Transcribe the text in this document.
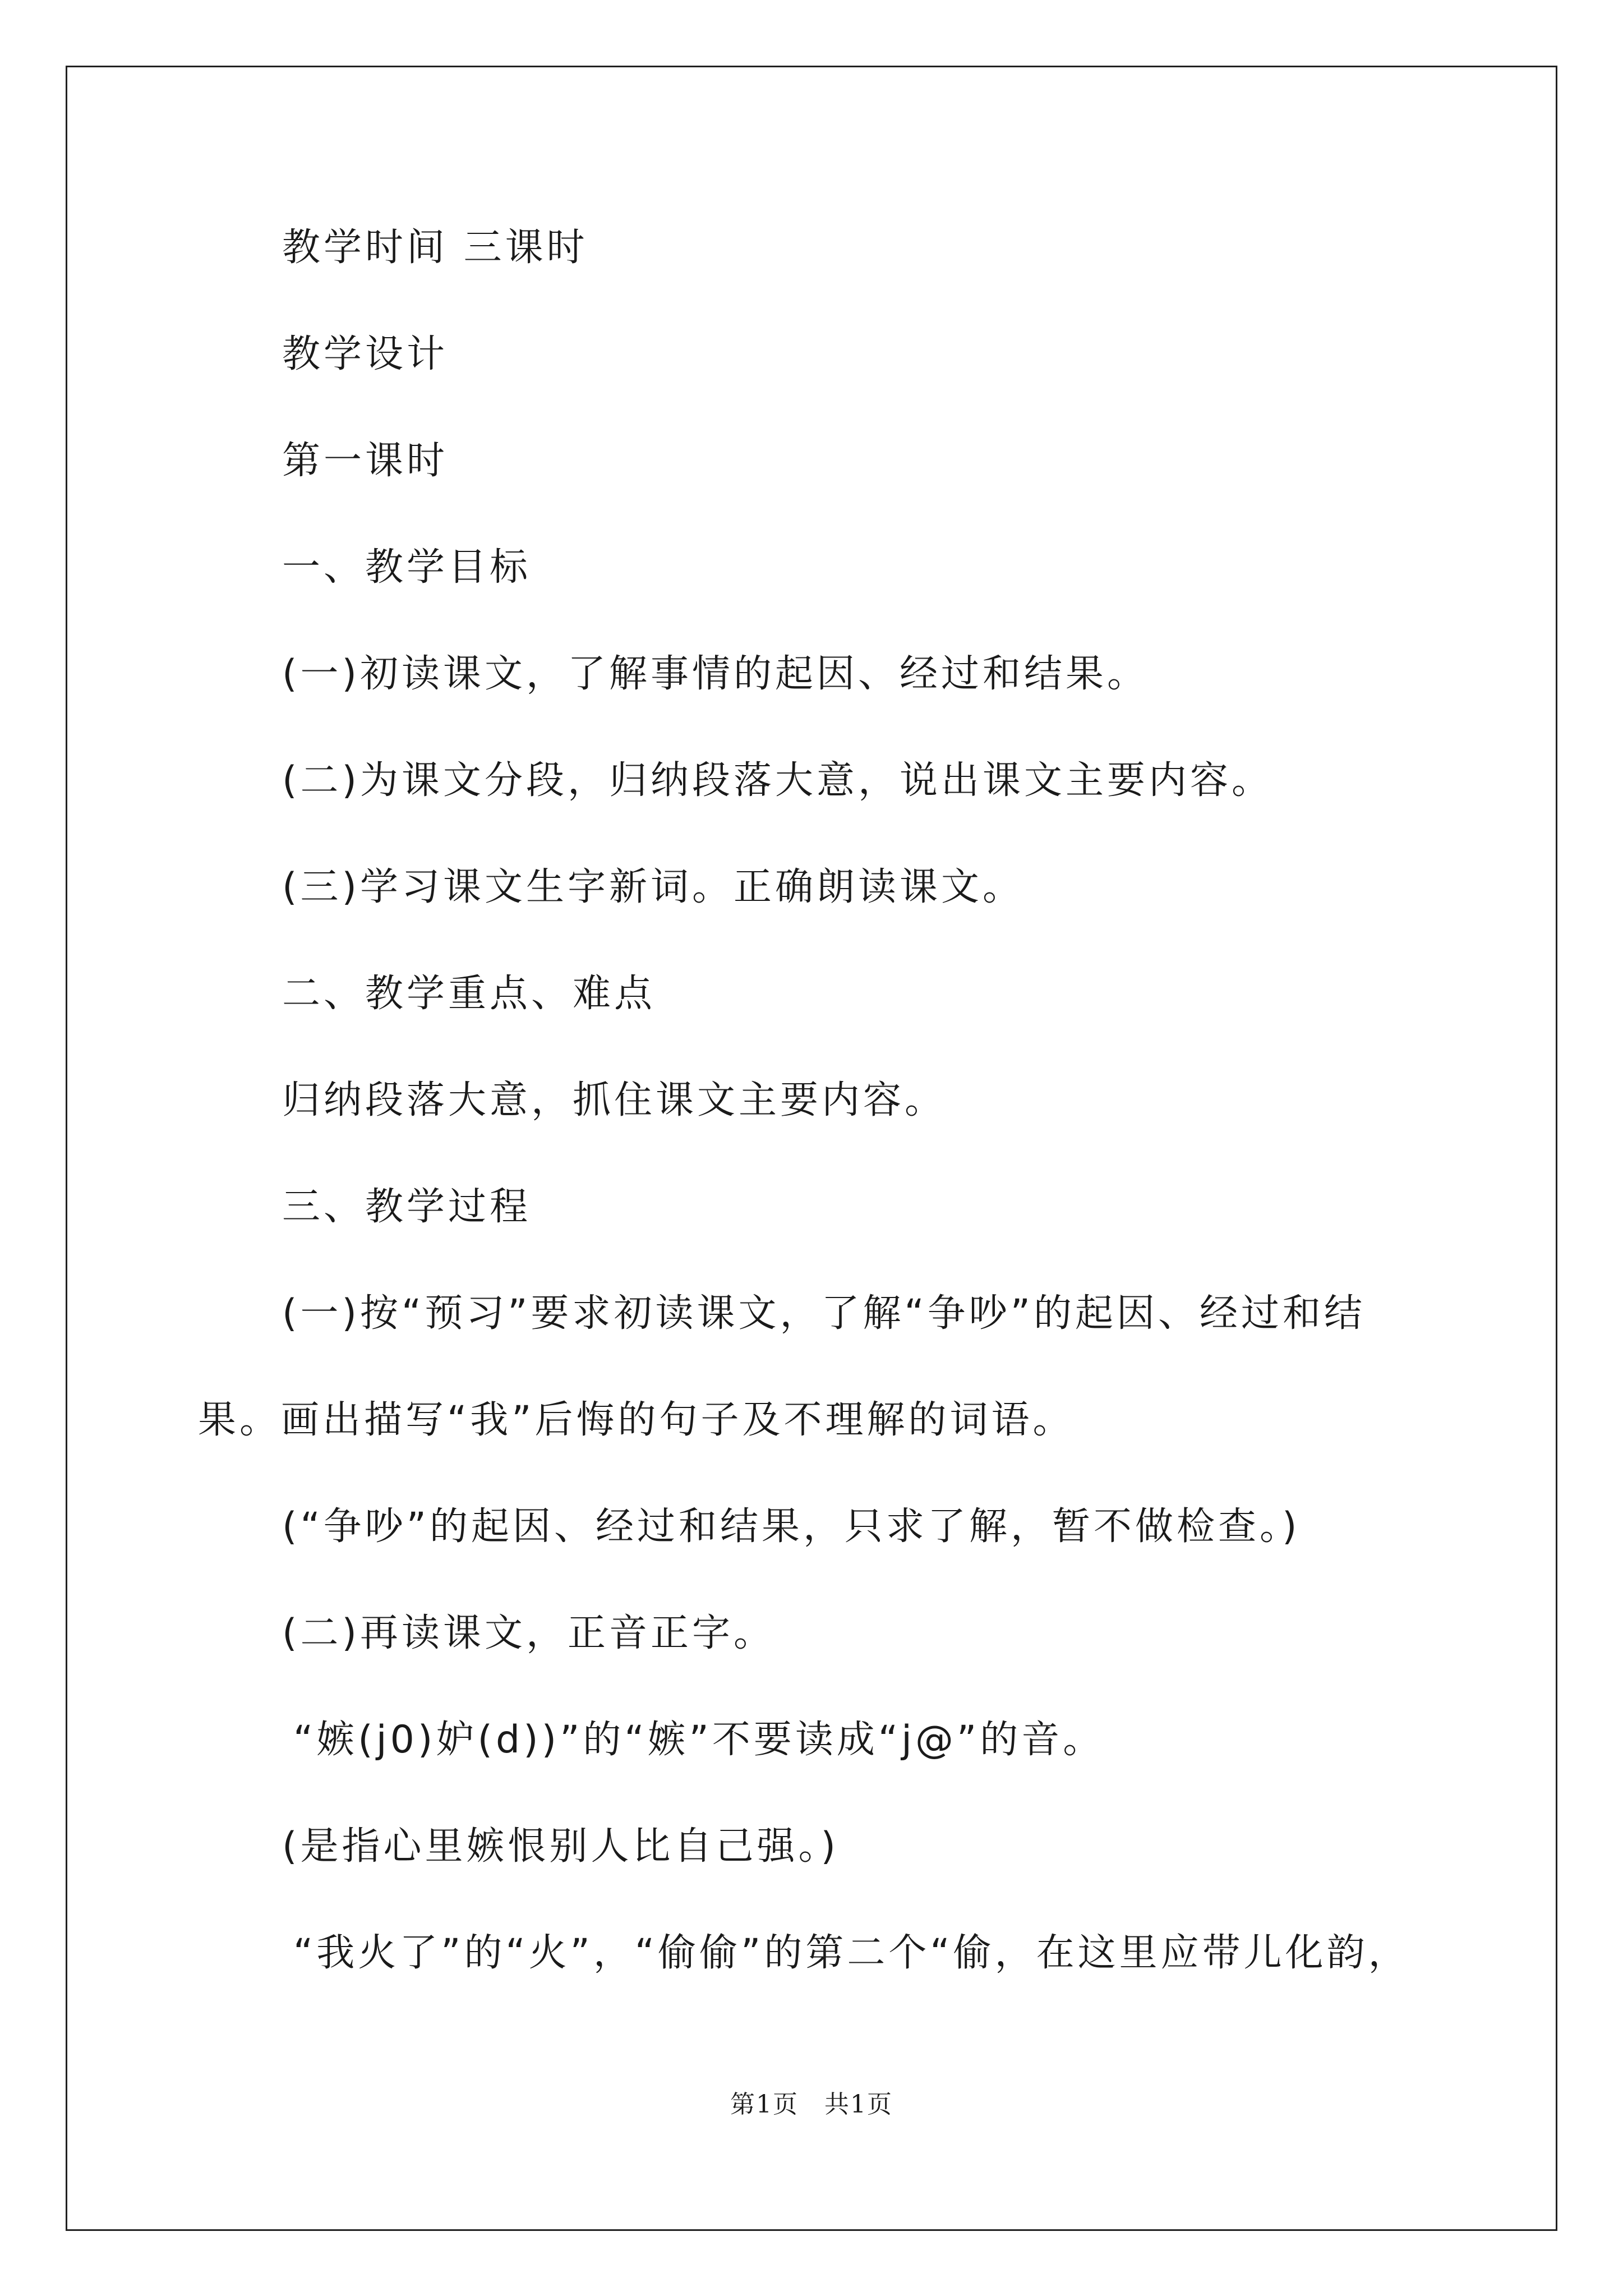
教学时间 三课时
教学设计
第一课时
一、教学目标
(一)初读课文，了解事情的起因、经过和结果。
(二)为课文分段，归纳段落大意，说出课文主要内容。
(三)学习课文生字新词。正确朗读课文。
二、教学重点、难点
归纳段落大意，抓住课文主要内容。
三、教学过程
(一)按“预习”要求初读课文，了解“争吵”的起因、经过和结
果。画出描写“我”后悔的句子及不理解的词语。
(“争吵”的起因、经过和结果，只求了解，暂不做检查。)
(二)再读课文，正音正字。
“嫉(j0)妒(d))”的“嫉”不要读成“j@”的音。
(是指心里嫉恨别人比自己强。)
“我火了”的“火”，“偷偷”的第二个“偷，在这里应带儿化韵，
第1页　共1页
